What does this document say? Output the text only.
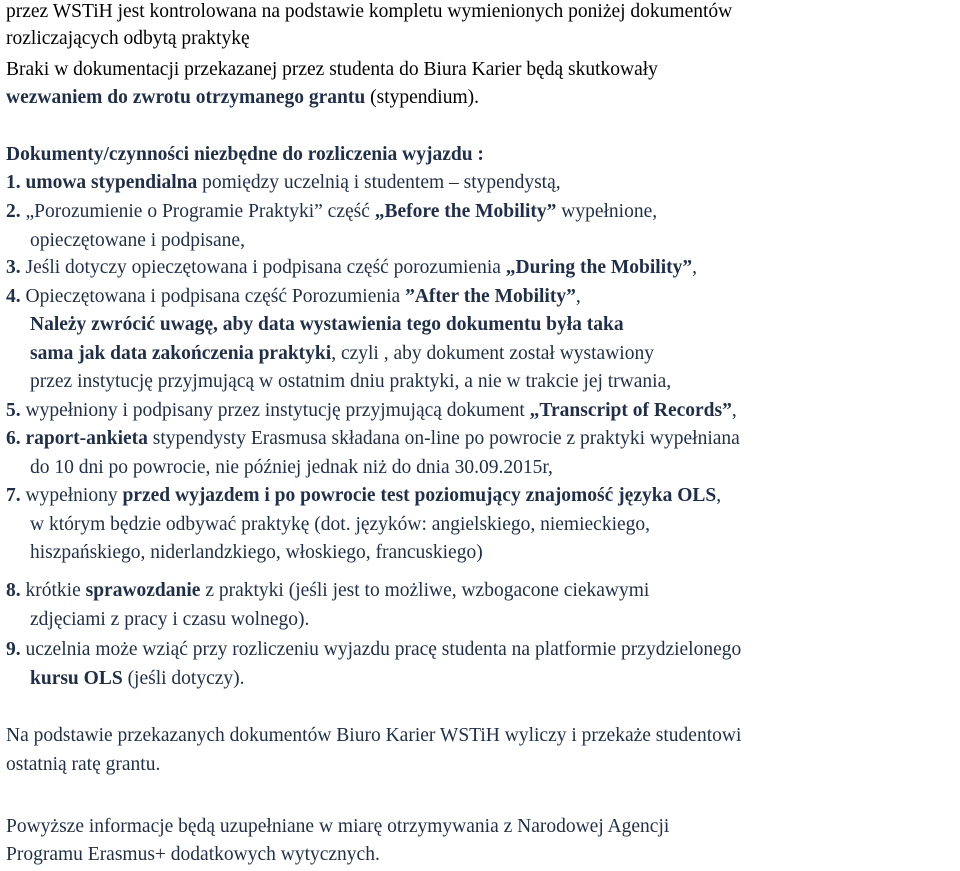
przez WSTiH jest kontrolowana na podstawie kompletu wymienionych poniżej dokumentów
rozliczających odbytą praktykę
Braki w dokumentacji przekazanej przez studenta do Biura Karier będą skutkowały
wezwaniem do zwrotu otrzymanego grantu (stypendium).
Dokumenty/czynności niezbędne do rozliczenia wyjazdu :
1. umowa stypendialna pomiędzy uczelnią i studentem – stypendystą,
2. „Porozumienie o Programie Praktyki” część „Before the Mobility” wypełnione,
opieczętowane i podpisane,
3. Jeśli dotyczy opieczętowana i podpisana część porozumienia „During the Mobility”,
4. Opieczętowana i podpisana część Porozumienia ”After the Mobility”,
Należy zwrócić uwagę, aby data wystawienia tego dokumentu była taka
sama jak data zakończenia praktyki, czyli , aby dokument został wystawiony
przez instytucję przyjmującą w ostatnim dniu praktyki, a nie w trakcie jej trwania,
5. wypełniony i podpisany przez instytucję przyjmującą dokument „Transcript of Records”,
6. raport-ankieta stypendysty Erasmusa składana on-line po powrocie z praktyki wypełniana
do 10 dni po powrocie, nie później jednak niż do dnia 30.09.2015r,
7. wypełniony przed wyjazdem i po powrocie test poziomujący znajomość języka OLS,
w którym będzie odbywać praktykę (dot. języków: angielskiego, niemieckiego,
hiszpańskiego, niderlandzkiego, włoskiego, francuskiego)
8. krótkie sprawozdanie z praktyki (jeśli jest to możliwe, wzbogacone ciekawymi
zdjęciami z pracy i czasu wolnego).
9. uczelnia może wziąć przy rozliczeniu wyjazdu pracę studenta na platformie przydzielonego
kursu OLS (jeśli dotyczy).
Na podstawie przekazanych dokumentów Biuro Karier WSTiH wyliczy i przekaże studentowi
ostatnią ratę grantu.
Powyższe informacje będą uzupełniane w miarę otrzymywania z Narodowej Agencji
Programu Erasmus+ dodatkowych wytycznych.
